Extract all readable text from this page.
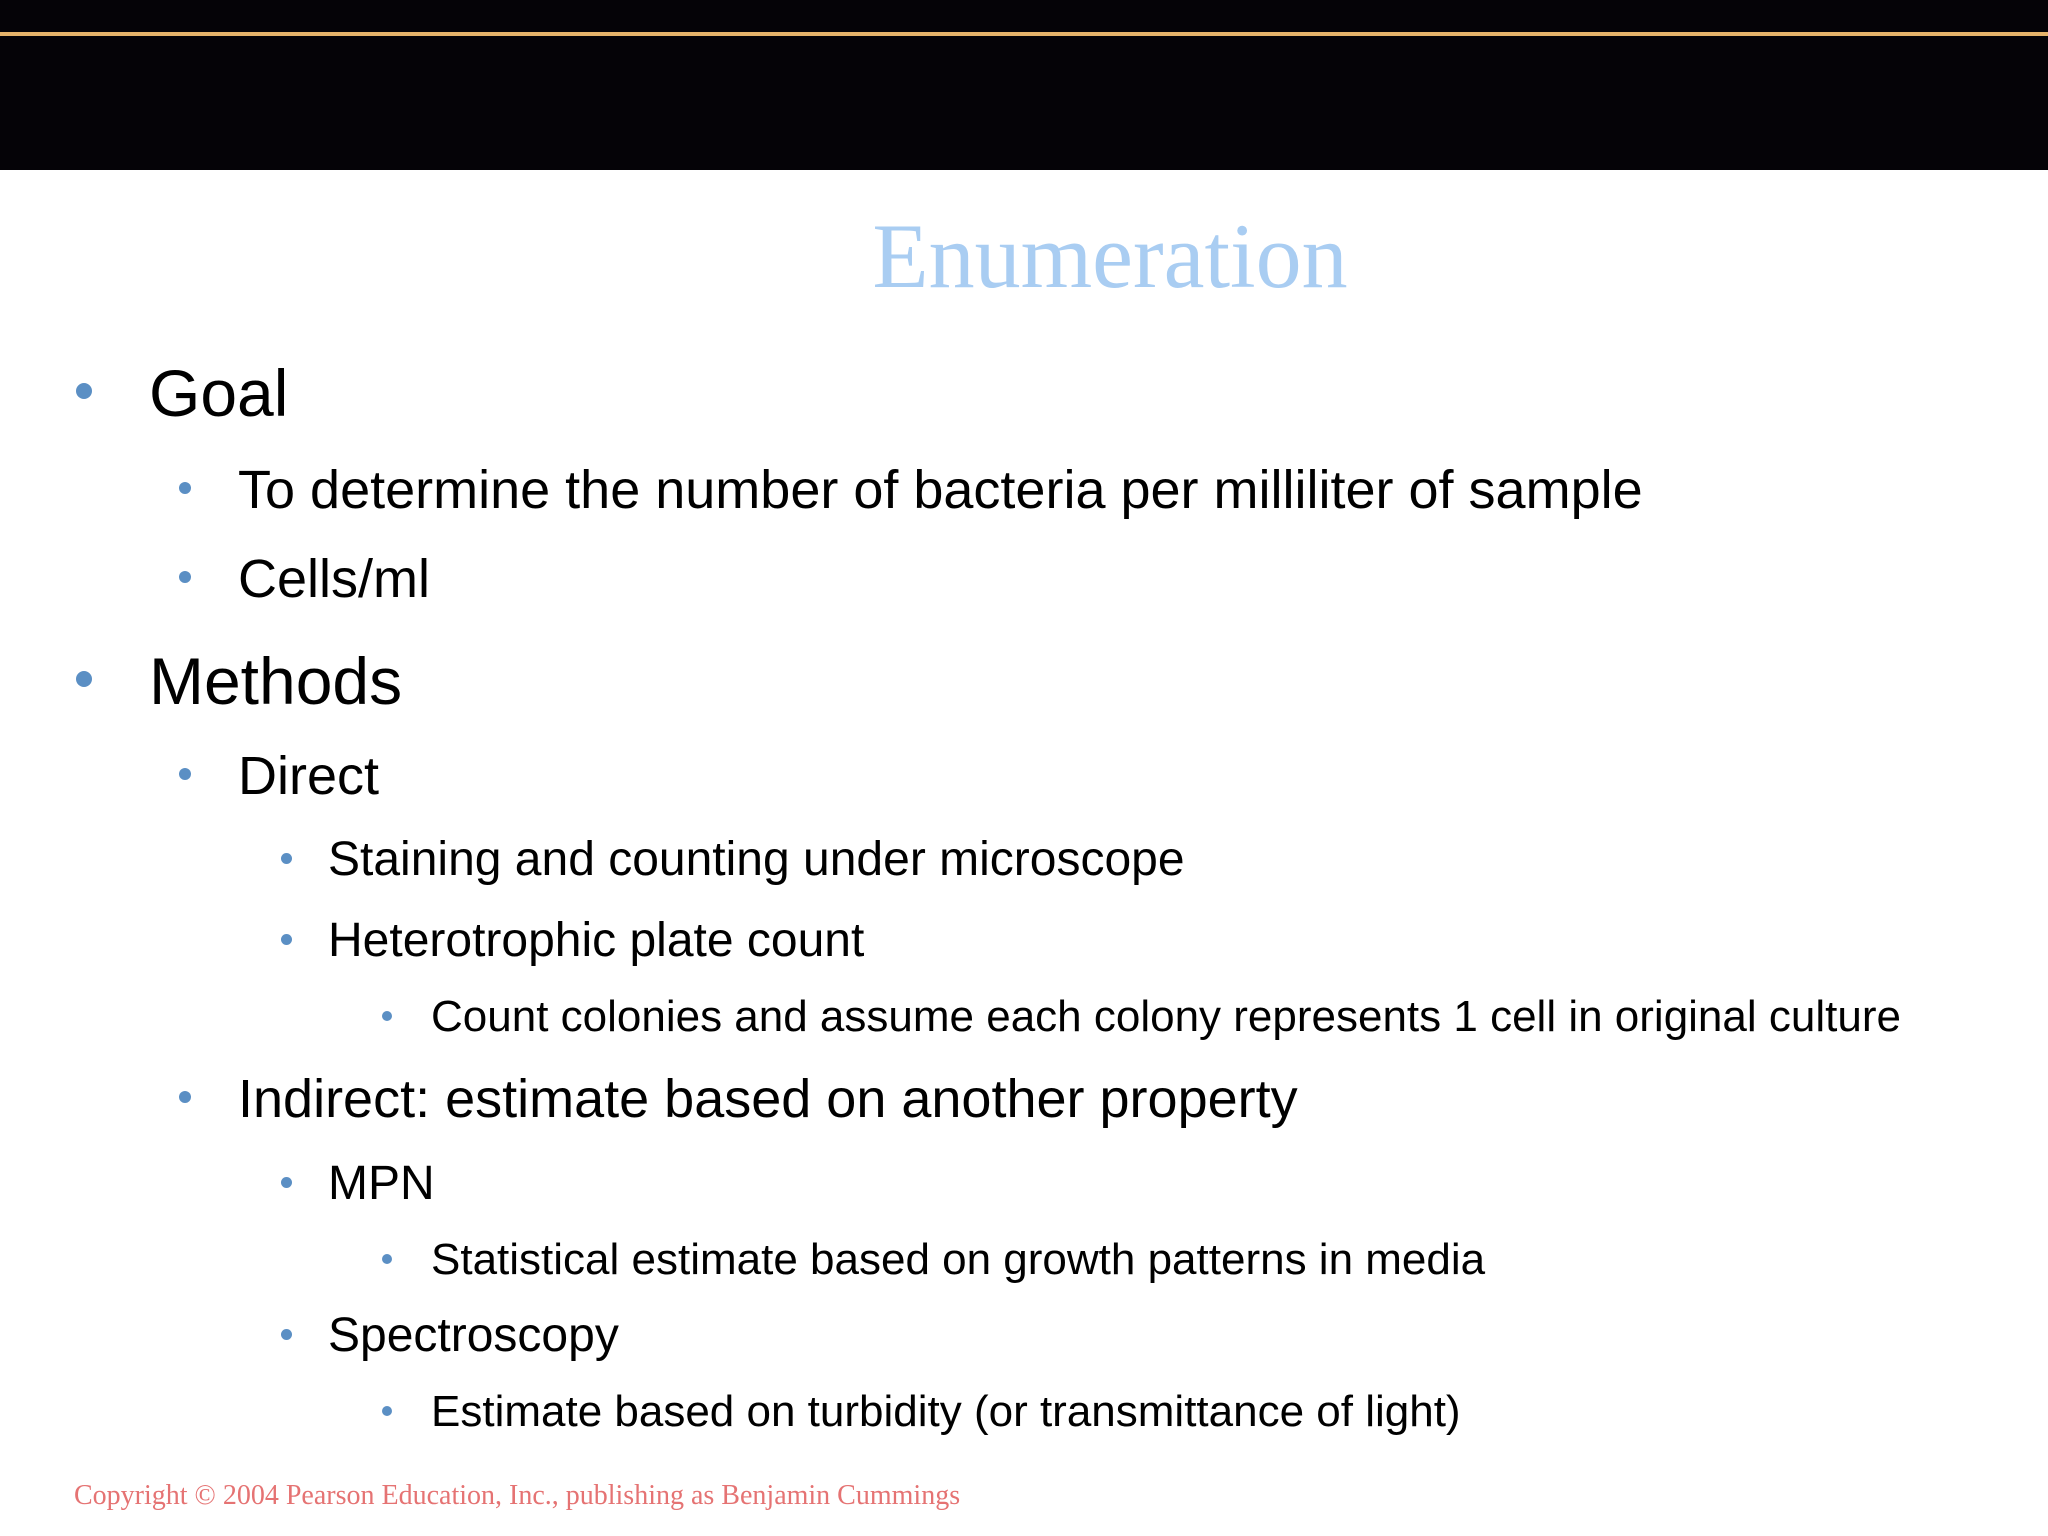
Enumeration
Goal
To determine the number of bacteria per milliliter of sample
Cells/ml
Methods
Direct
Staining and counting under microscope
Heterotrophic plate count
Count colonies and assume each colony represents 1 cell in original culture
Indirect: estimate based on another property
MPN
Statistical estimate based on growth patterns in media
Spectroscopy
Estimate based on turbidity (or transmittance of light)
Copyright © 2004 Pearson Education, Inc., publishing as Benjamin Cummings
